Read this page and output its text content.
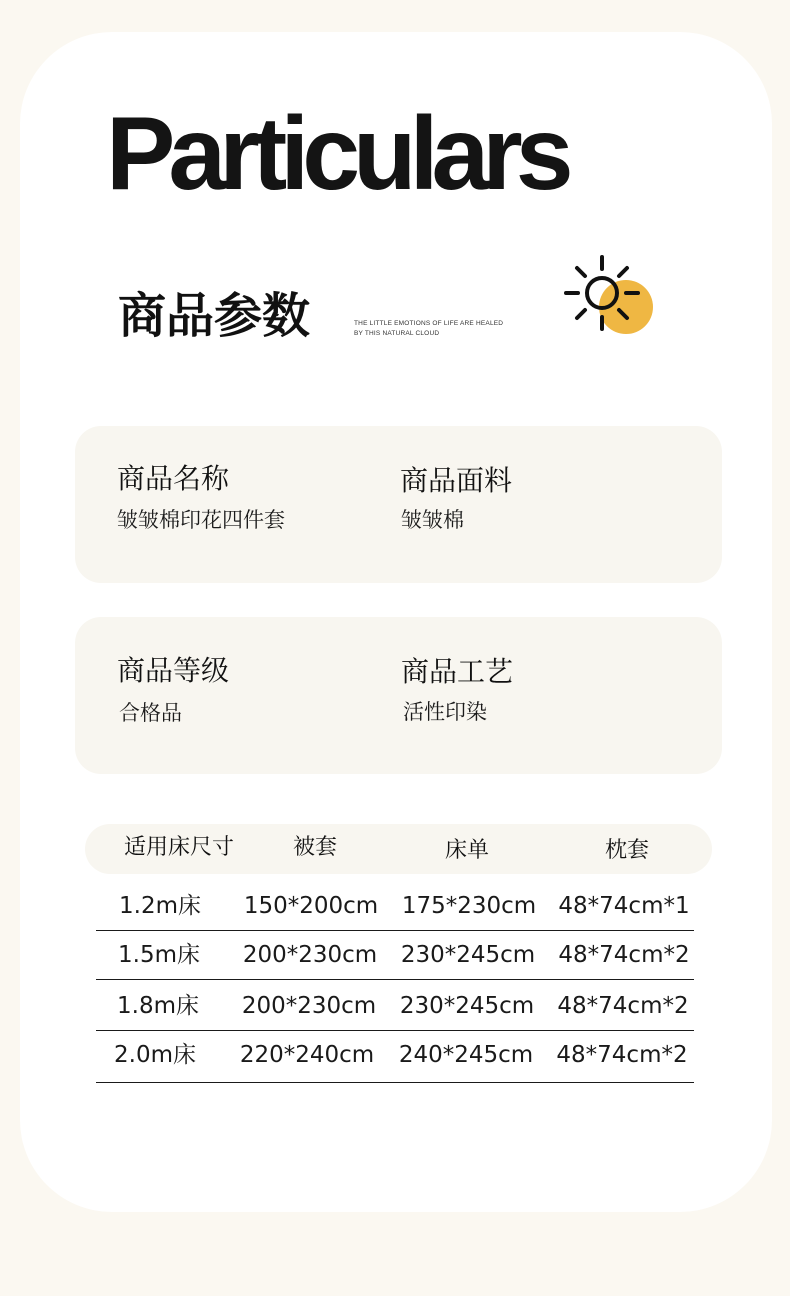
Particulars
商品参数	THE LITTLE EMOTIONS OF LIFE ARE HEALED
BY THIS NATURAL CLOUD
商品名称
皱皱棉印花四件套
商品面料
皱皱棉
商品等级
合格品
商品工艺
活性印染
适用床尺寸	被套	床单	枕套
1.2m床 150*200cm 175*230cm 48*74cm*1
1.5m床 200*230cm 230*245cm 48*74cm*2
1.8m床 200*230cm 230*245cm 48*74cm*2
2.0m床 220*240cm 240*245cm 48*74cm*2
